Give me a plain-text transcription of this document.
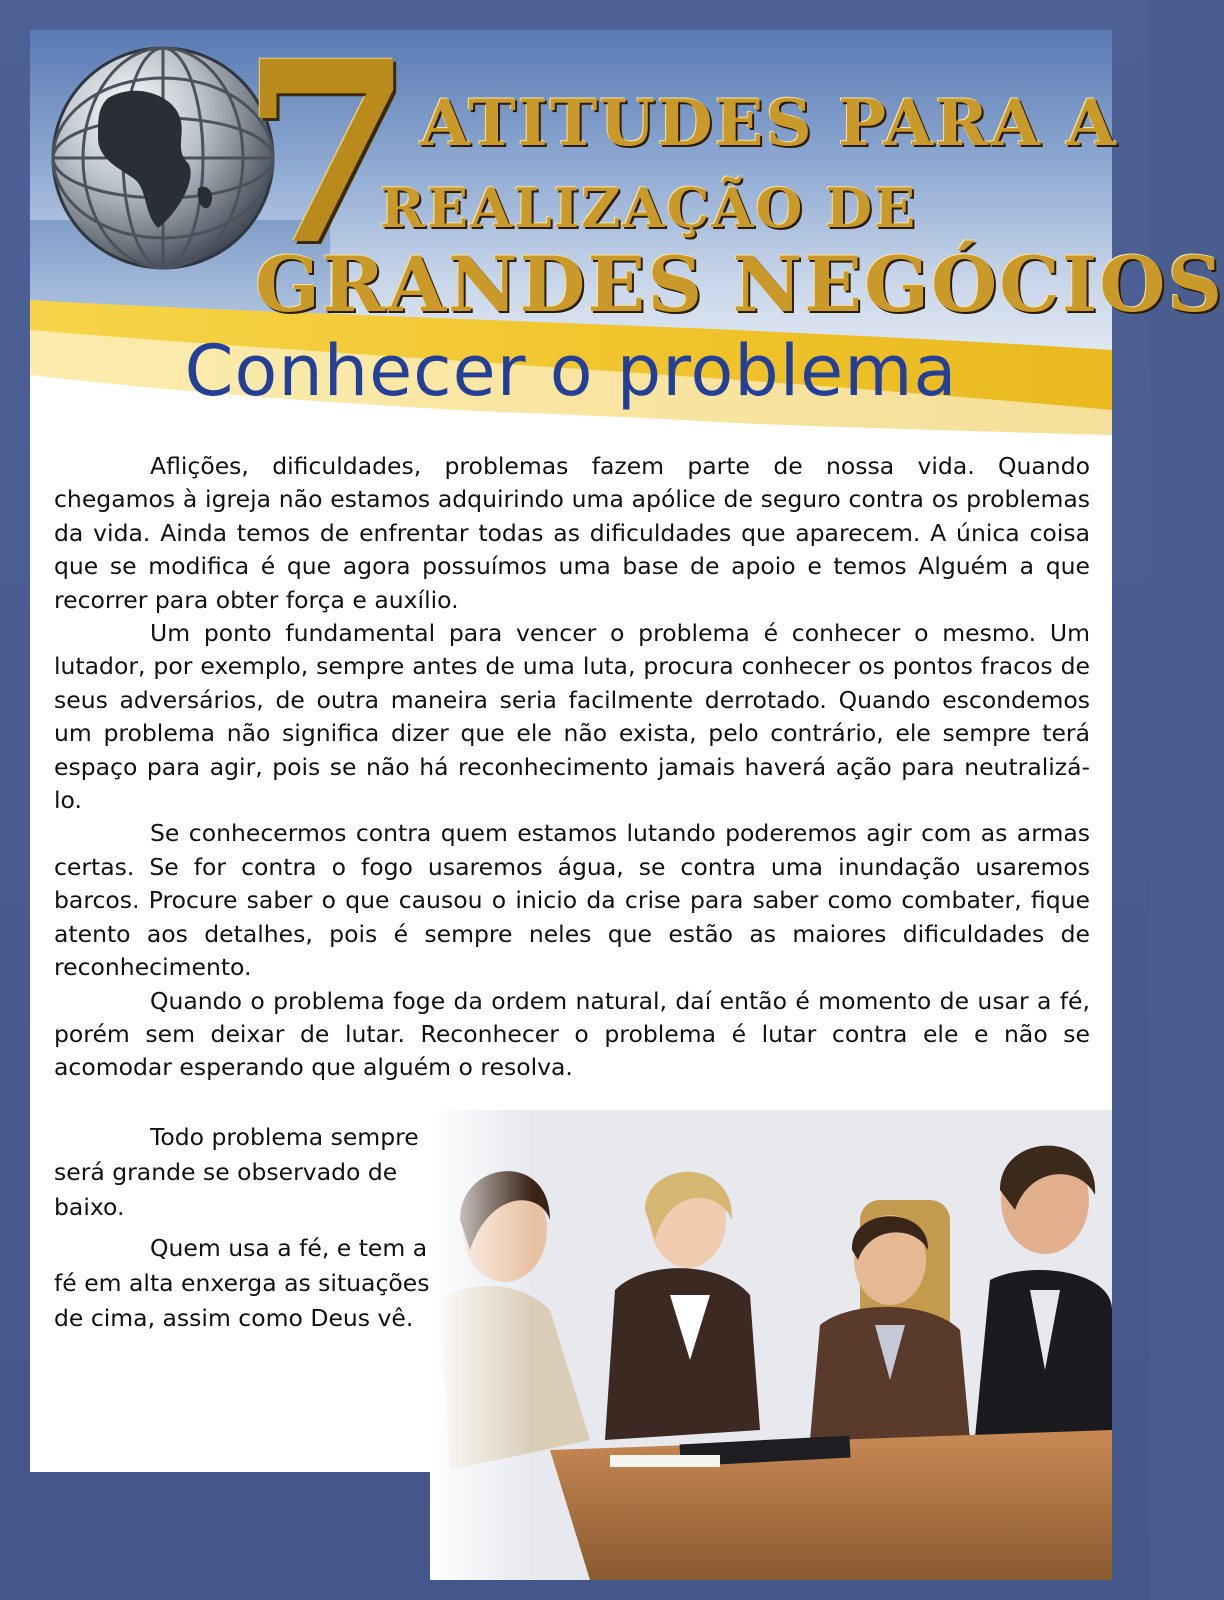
7 ATITUDES PARA A
REALIZAÇÃO DE
GRANDES NEGÓCIOS
Conhecer o problema

Aflições, dificuldades, problemas fazem parte de nossa vida. Quando chegamos à igreja não estamos adquirindo uma apólice de seguro contra os problemas da vida. Ainda temos de enfrentar todas as dificuldades que aparecem. A única coisa que se modifica é que agora possuímos uma base de apoio e temos Alguém a que recorrer para obter força e auxílio.

Um ponto fundamental para vencer o problema é conhecer o mesmo. Um lutador, por exemplo, sempre antes de uma luta, procura conhecer os pontos fracos de seus adversários, de outra maneira seria facilmente derrotado. Quando escondemos um problema não significa dizer que ele não exista, pelo contrário, ele sempre terá espaço para agir, pois se não há reconhecimento jamais haverá ação para neutralizá-lo.

Se conhecermos contra quem estamos lutando poderemos agir com as armas certas. Se for contra o fogo usaremos água, se contra uma inundação usaremos barcos. Procure saber o que causou o inicio da crise para saber como combater, fique atento aos detalhes, pois é sempre neles que estão as maiores dificuldades de reconhecimento.

Quando o problema foge da ordem natural, daí então é momento de usar a fé, porém sem deixar de lutar. Reconhecer o problema é lutar contra ele e não se acomodar esperando que alguém o resolva.

Todo problema sempre será grande se observado de baixo.

Quem usa a fé, e tem a fé em alta enxerga as situações de cima, assim como Deus vê.
